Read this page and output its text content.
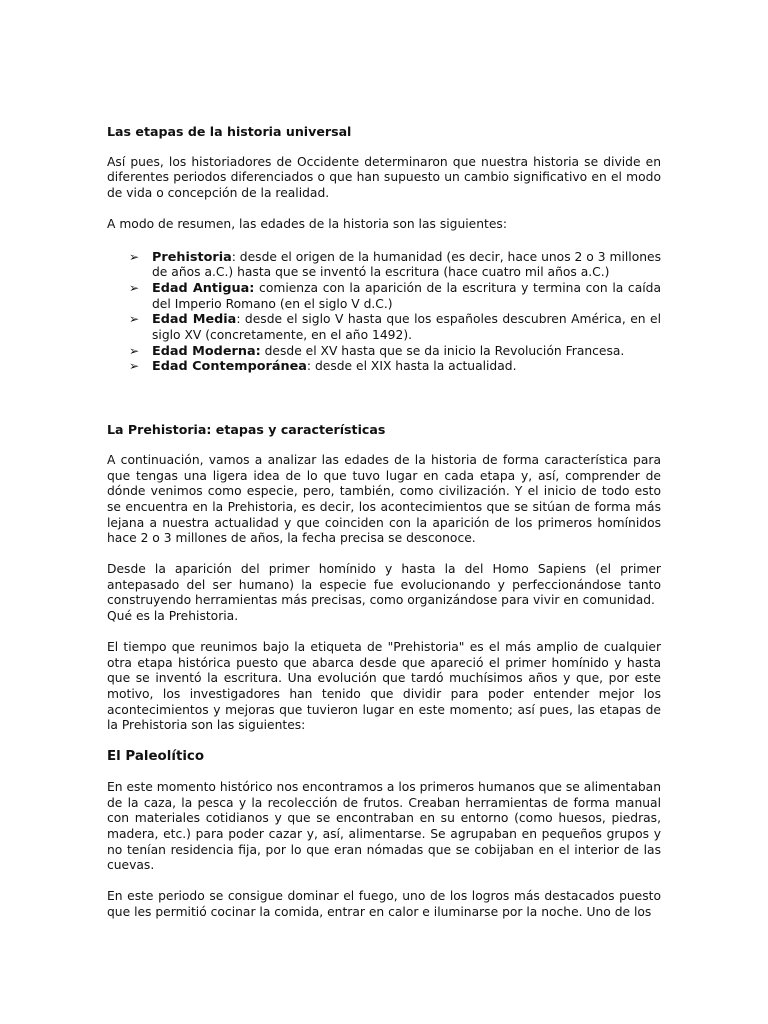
Las etapas de la historia universal

Así pues, los historiadores de Occidente determinaron que nuestra historia se divide en diferentes periodos diferenciados o que han supuesto un cambio significativo en el modo de vida o concepción de la realidad.

A modo de resumen, las edades de la historia son las siguientes:

➢ Prehistoria: desde el origen de la humanidad (es decir, hace unos 2 o 3 millones de años a.C.) hasta que se inventó la escritura (hace cuatro mil años a.C.)
➢ Edad Antigua: comienza con la aparición de la escritura y termina con la caída del Imperio Romano (en el siglo V d.C.)
➢ Edad Media: desde el siglo V hasta que los españoles descubren América, en el siglo XV (concretamente, en el año 1492).
➢ Edad Moderna: desde el XV hasta que se da inicio la Revolución Francesa.
➢ Edad Contemporánea: desde el XIX hasta la actualidad.

La Prehistoria: etapas y características

A continuación, vamos a analizar las edades de la historia de forma característica para que tengas una ligera idea de lo que tuvo lugar en cada etapa y, así, comprender de dónde venimos como especie, pero, también, como civilización. Y el inicio de todo esto se encuentra en la Prehistoria, es decir, los acontecimientos que se sitúan de forma más lejana a nuestra actualidad y que coinciden con la aparición de los primeros homínidos hace 2 o 3 millones de años, la fecha precisa se desconoce.

Desde la aparición del primer homínido y hasta la del Homo Sapiens (el primer antepasado del ser humano) la especie fue evolucionando y perfeccionándose tanto construyendo herramientas más precisas, como organizándose para vivir en comunidad.

Qué es la Prehistoria.

El tiempo que reunimos bajo la etiqueta de "Prehistoria" es el más amplio de cualquier otra etapa histórica puesto que abarca desde que apareció el primer homínido y hasta que se inventó la escritura. Una evolución que tardó muchísimos años y que, por este motivo, los investigadores han tenido que dividir para poder entender mejor los acontecimientos y mejoras que tuvieron lugar en este momento; así pues, las etapas de la Prehistoria son las siguientes:

El Paleolítico

En este momento histórico nos encontramos a los primeros humanos que se alimentaban de la caza, la pesca y la recolección de frutos. Creaban herramientas de forma manual con materiales cotidianos y que se encontraban en su entorno (como huesos, piedras, madera, etc.) para poder cazar y, así, alimentarse. Se agrupaban en pequeños grupos y no tenían residencia fija, por lo que eran nómadas que se cobijaban en el interior de las cuevas.

En este periodo se consigue dominar el fuego, uno de los logros más destacados puesto que les permitió cocinar la comida, entrar en calor e iluminarse por la noche. Uno de los
